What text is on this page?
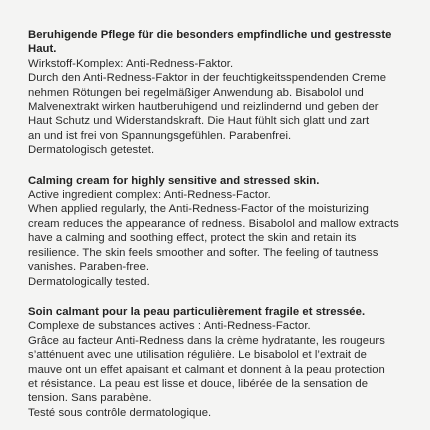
Beruhigende Pflege für die besonders empfindliche und gestresste Haut.

Wirkstoff-Komplex: Anti-Redness-Faktor.

Durch den Anti-Redness-Faktor in der feuchtigkeitsspendenden Creme

nehmen Rötungen bei regelmäßiger Anwendung ab. Bisabolol und

Malvenextrakt wirken hautberuhigend und reizlindernd und geben der

Haut Schutz und Widerstandskraft. Die Haut fühlt sich glatt und zart

an und ist frei von Spannungsgefühlen. Parabenfrei.

Dermatologisch getestet.

Calming cream for highly sensitive and stressed skin.

Active ingredient complex: Anti-Redness-Factor.

When applied regularly, the Anti-Redness-Factor of the moisturizing

cream reduces the appearance of redness. Bisabolol and mallow extracts

have a calming and soothing effect, protect the skin and retain its

resilience. The skin feels smoother and softer. The feeling of tautness

vanishes. Paraben-free.

Dermatologically tested.

Soin calmant pour la peau particulièrement fragile et stressée.

Complexe de substances actives : Anti-Redness-Factor.

Grâce au facteur Anti-Redness dans la crème hydratante, les rougeurs

s’atténuent avec une utilisation régulière. Le bisabolol et l’extrait de

mauve ont un effet apaisant et calmant et donnent à la peau protection

et résistance. La peau est lisse et douce, libérée de la sensation de

tension. Sans parabène.

Testé sous contrôle dermatologique.
